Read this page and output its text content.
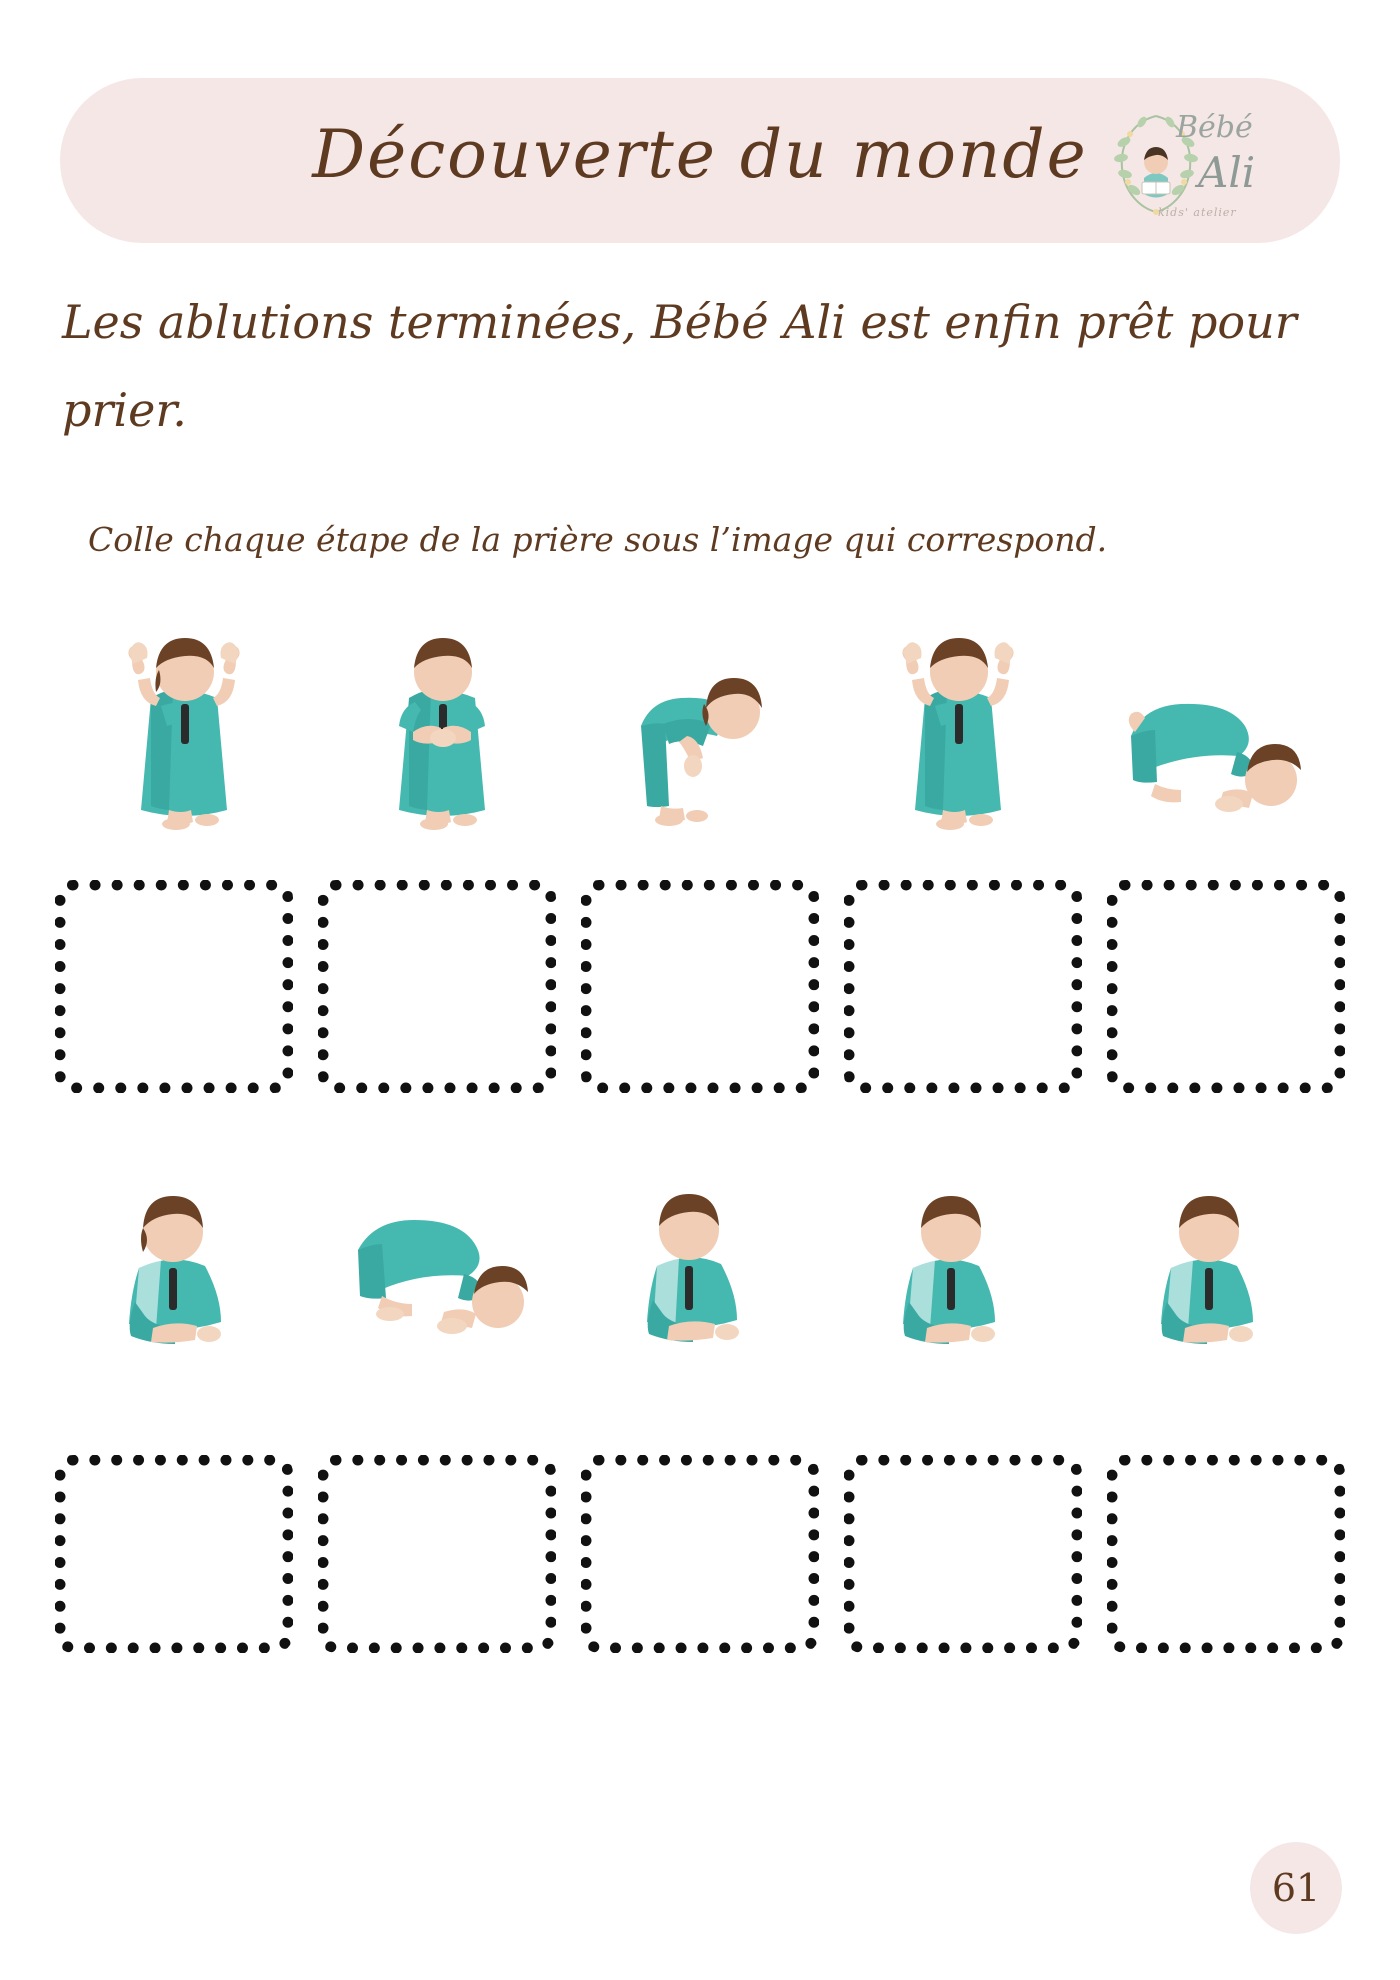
Découverte du monde	Bébé
Ali
kids' atelier
Les ablutions terminées, Bébé Ali est enfin prêt pour prier.
Colle chaque étape de la prière sous l’image qui correspond.
61
